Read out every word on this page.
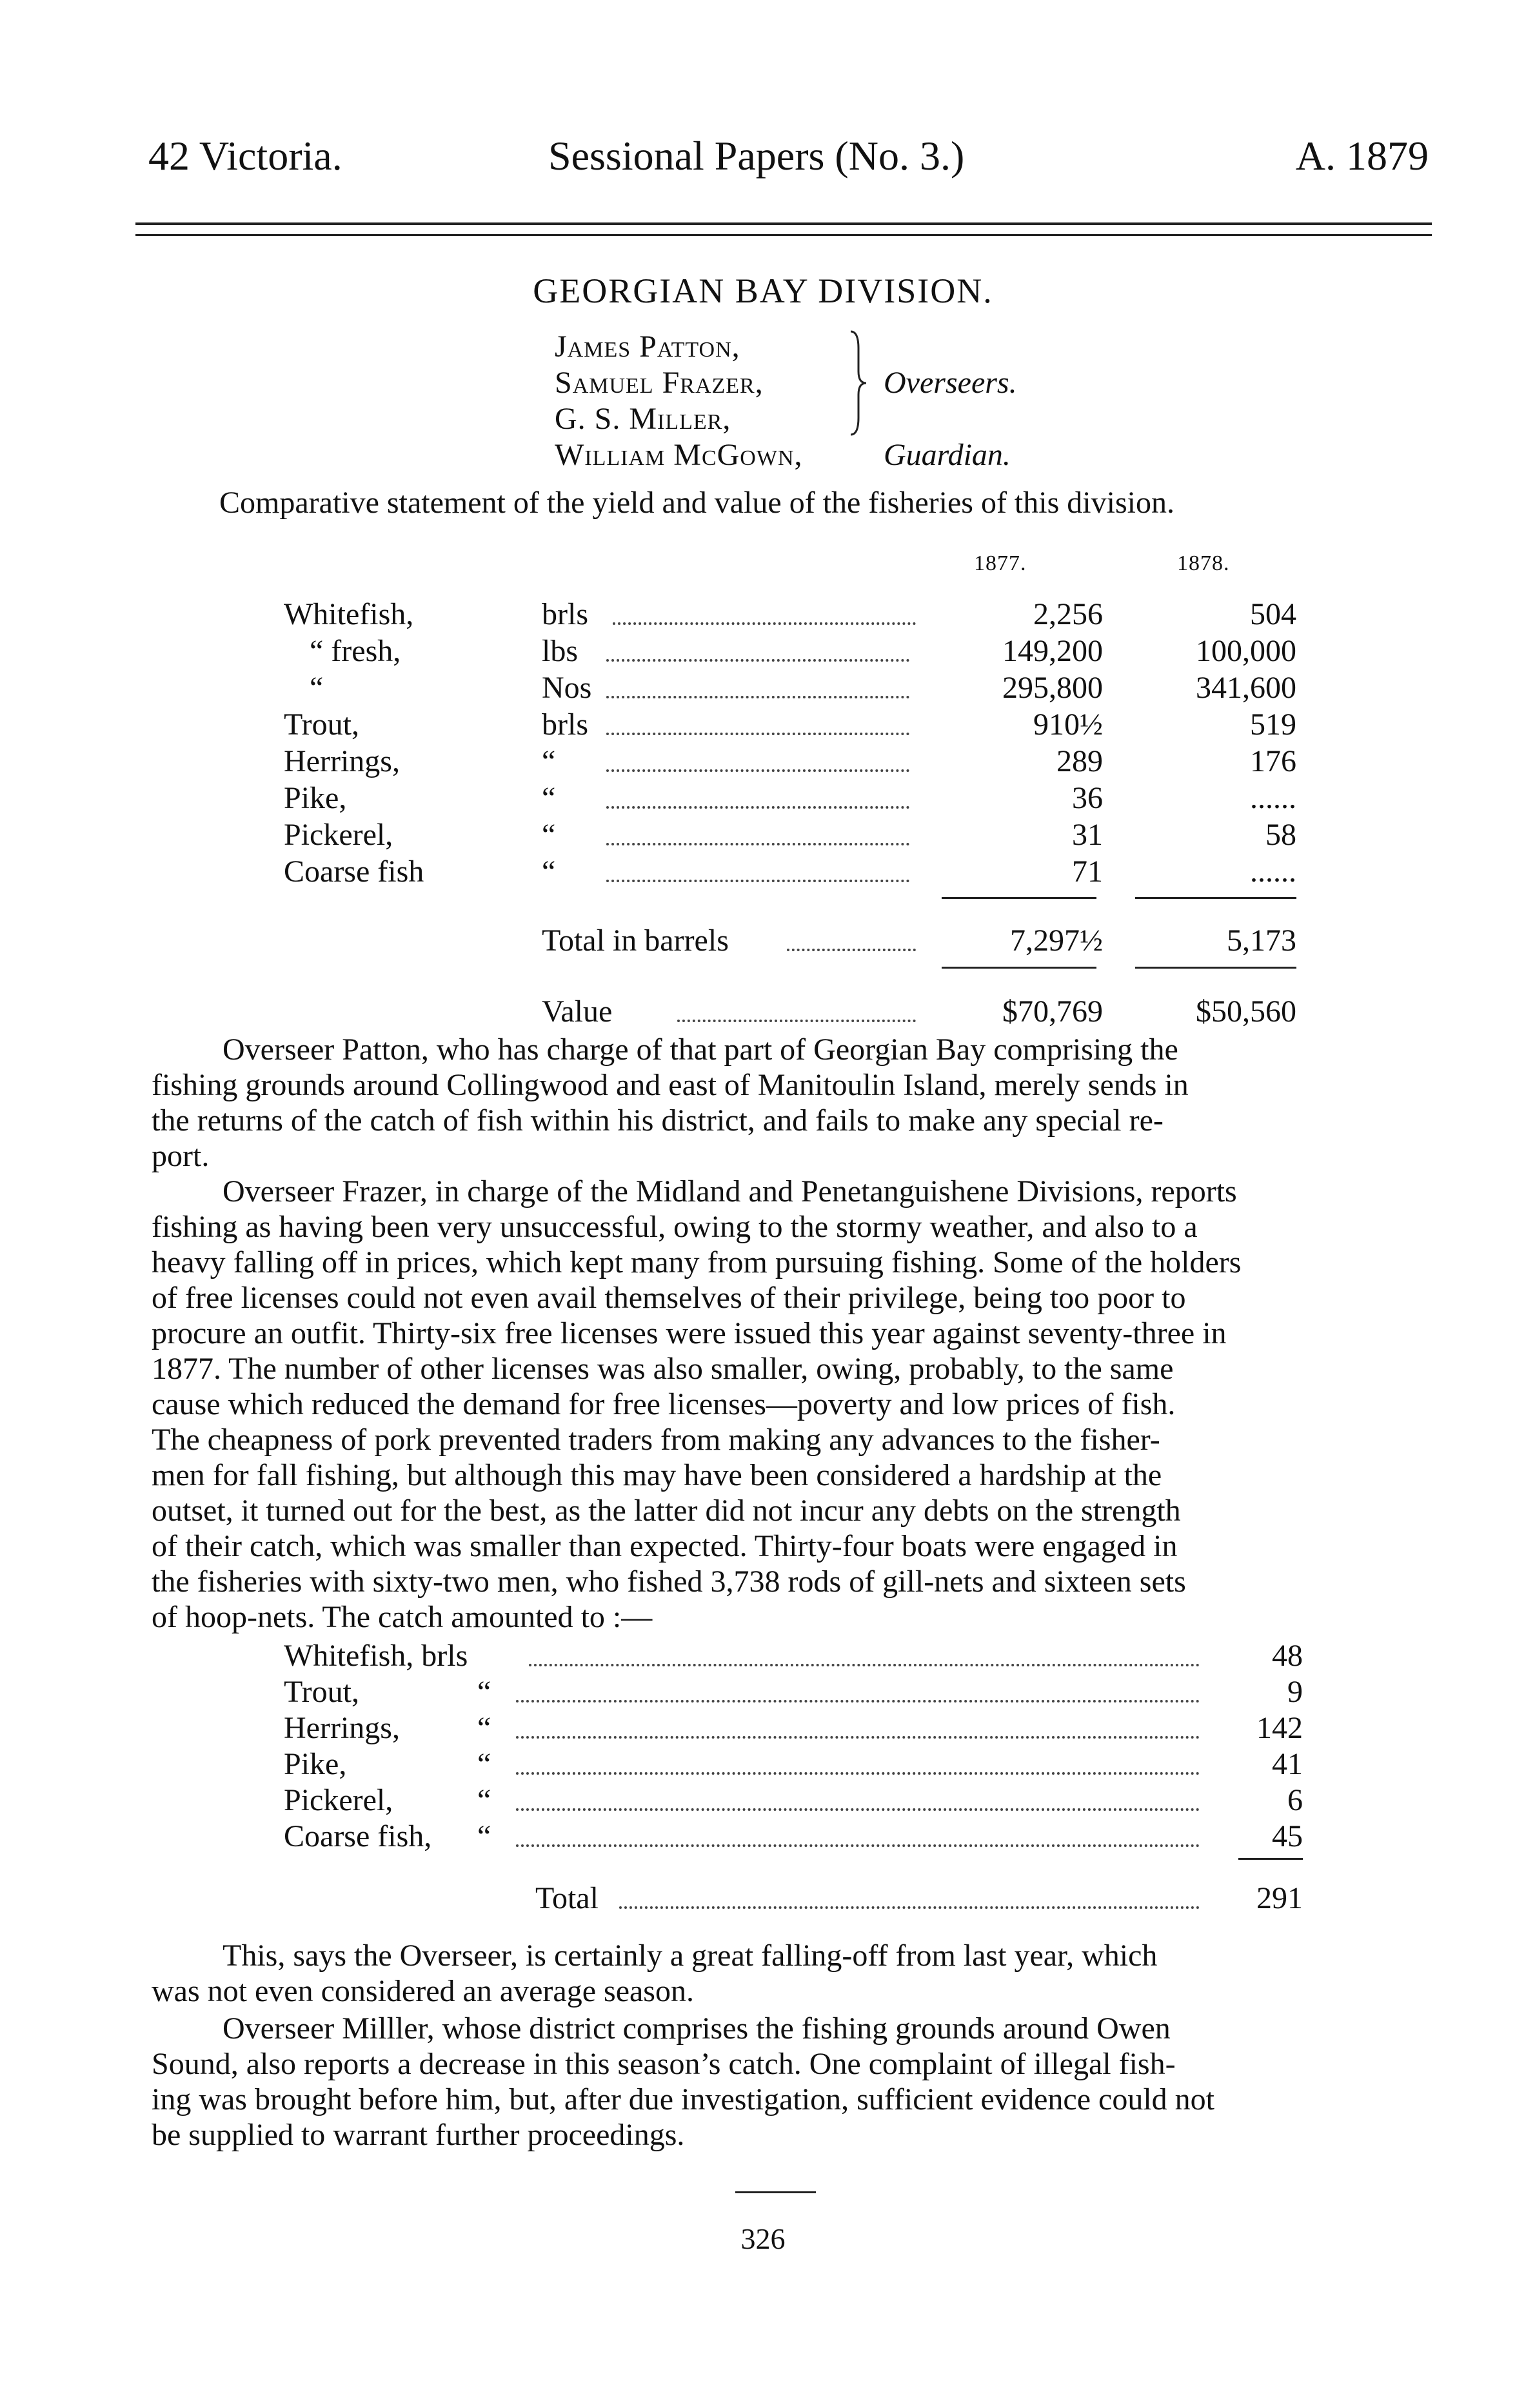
42 Victoria.	Sessional Papers (No. 3.)	A. 1879
GEORGIAN BAY DIVISION.
James Patton,
Samuel Frazer,
G. S. Miller,
William McGown,	Guardian.
Overseers.
Comparative statement of the yield and value of the fisheries of this division.
1877.	1878.
Whitefish,	brls	2,256	504
“ fresh,	lbs	149,200	100,000
“	Nos	295,800	341,600
Trout,	brls	910½	519
Herrings,	“	289	176
Pike,	“	36	......
Pickerel,	“	31	58
Coarse fish	“	71	......
Total in barrels	7,297½	5,173
Value	$70,769	$50,560
Overseer Patton, who has charge of that part of Georgian Bay comprising the
fishing grounds around Collingwood and east of Manitoulin Island, merely sends in
the returns of the catch of fish within his district, and fails to make any special re-
port.
Overseer Frazer, in charge of the Midland and Penetanguishene Divisions, reports
fishing as having been very unsuccessful, owing to the stormy weather, and also to a
heavy falling off in prices, which kept many from pursuing fishing. Some of the holders
of free licenses could not even avail themselves of their privilege, being too poor to
procure an outfit. Thirty-six free licenses were issued this year against seventy-three in
1877. The number of other licenses was also smaller, owing, probably, to the same
cause which reduced the demand for free licenses—poverty and low prices of fish.
The cheapness of pork prevented traders from making any advances to the fisher-
men for fall fishing, but although this may have been considered a hardship at the
outset, it turned out for the best, as the latter did not incur any debts on the strength
of their catch, which was smaller than expected. Thirty-four boats were engaged in
the fisheries with sixty-two men, who fished 3,738 rods of gill-nets and sixteen sets
of hoop-nets. The catch amounted to :—
Whitefish, brls	48
Trout,	“	9
Herrings,	“	142
Pike,	“	41
Pickerel,	“	6
Coarse fish, “	45
Total	291
This, says the Overseer, is certainly a great falling-off from last year, which
was not even considered an average season.
Overseer Milller, whose district comprises the fishing grounds around Owen
Sound, also reports a decrease in this season’s catch. One complaint of illegal fish-
ing was brought before him, but, after due investigation, sufficient evidence could not
be supplied to warrant further proceedings.
326
